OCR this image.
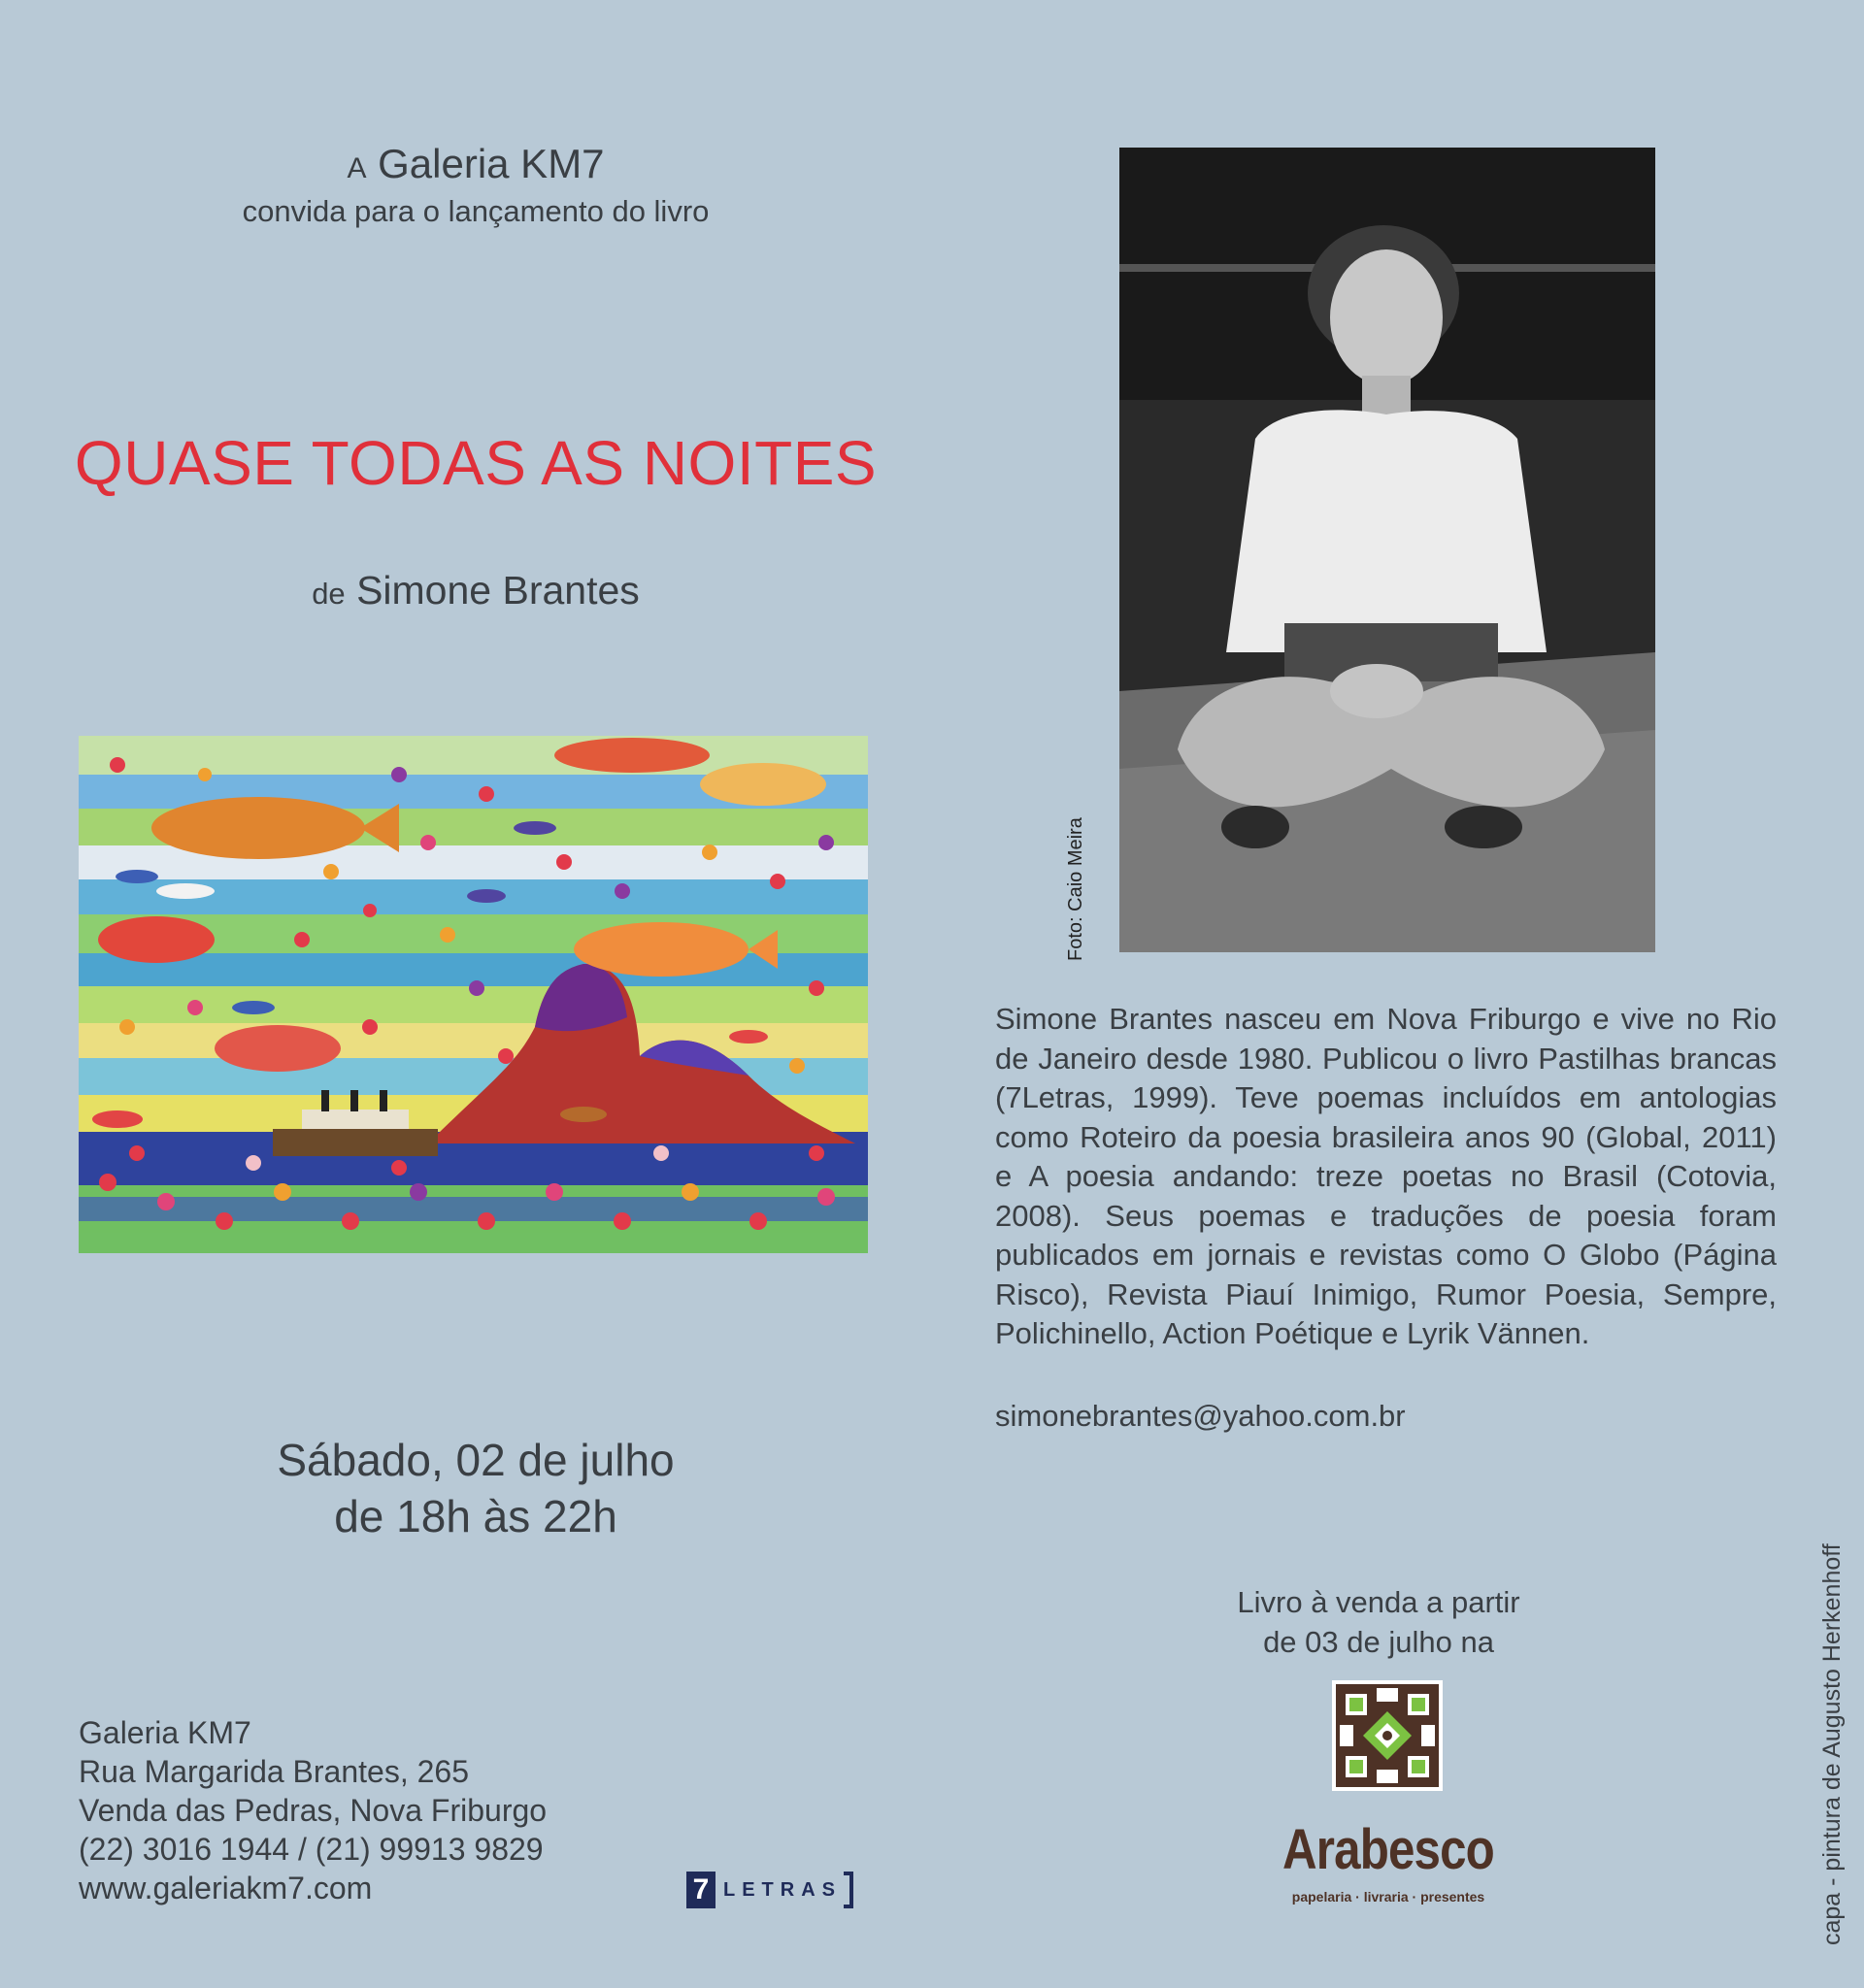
A Galeria KM7
convida para o lançamento do livro
QUASE TODAS AS NOITES
de Simone Brantes
Sábado, 02 de julho
de 18h às 22h
Galeria KM7
Rua Margarida Brantes, 265
Venda das Pedras, Nova Friburgo
(22) 3016 1944 / (21) 99913 9829
www.galeriakm7.com	7 LETRAS
Foto: Caio Meira
Simone Brantes nasceu em Nova Friburgo e vive no Rio de Janeiro desde 1980. Publicou o livro Pastilhas brancas (7Letras, 1999). Teve poemas incluídos em antologias como Roteiro da poesia brasileira anos 90 (Global, 2011) e A poesia andando: treze poetas no Brasil (Cotovia, 2008). Seus poemas e traduções de poesia foram publicados em jornais e revistas como O Globo (Página Risco), Revista Piauí Inimigo, Rumor Poesia, Sempre, Polichinello, Action Poétique e Lyrik Vännen.
simonebrantes@yahoo.com.br
Livro à venda a partir
de 03 de julho na
Arabesco
papelaria · livraria · presentes	capa - pintura de Augusto Herkenhoff
